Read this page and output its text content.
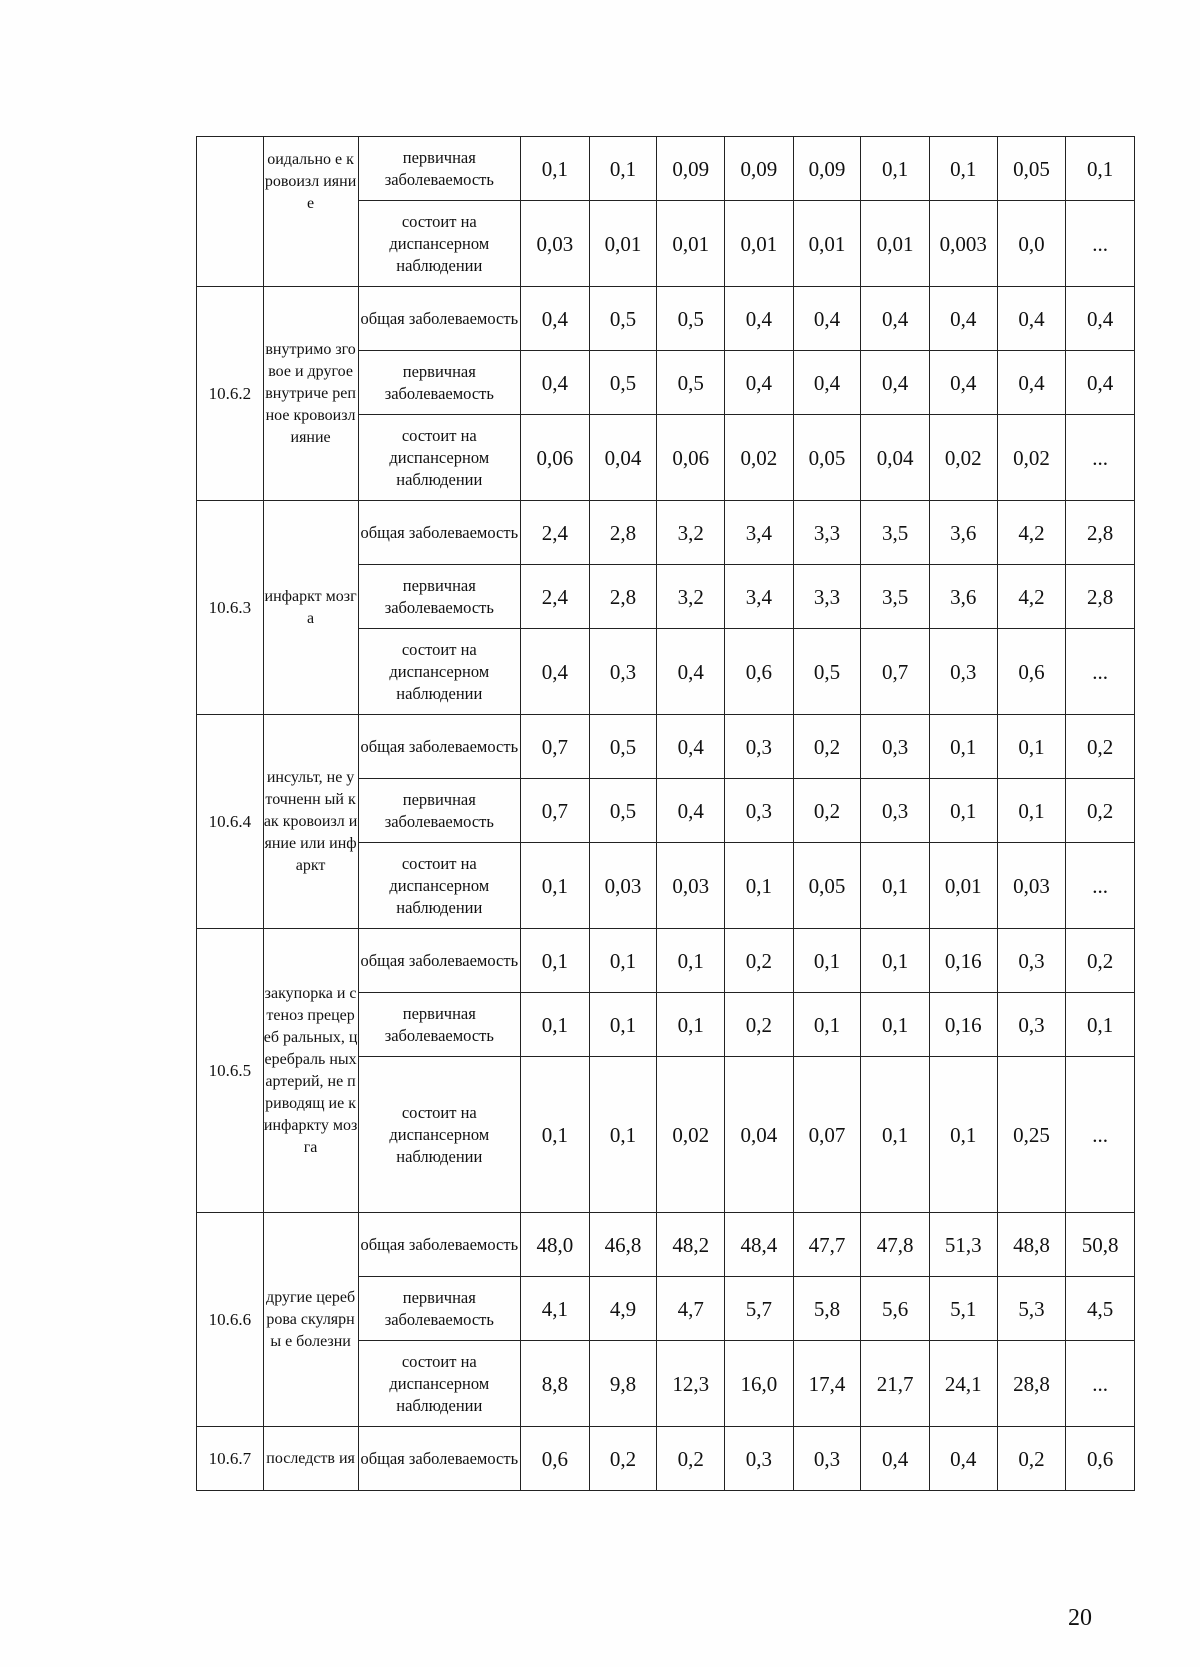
	оидально е кровоизл ияние	первичная заболеваемость	0,1	0,1	0,09	0,09	0,09	0,1	0,1	0,05	0,1
		состоит на диспансерном наблюдении	0,03	0,01	0,01	0,01	0,01	0,01	0,003	0,0	...
10.6.2	внутримо зговое и другое внутриче репное кровоизл ияние	общая заболеваемость	0,4	0,5	0,5	0,4	0,4	0,4	0,4	0,4	0,4
		первичная заболеваемость	0,4	0,5	0,5	0,4	0,4	0,4	0,4	0,4	0,4
		состоит на диспансерном наблюдении	0,06	0,04	0,06	0,02	0,05	0,04	0,02	0,02	...
10.6.3	инфаркт мозга	общая заболеваемость	2,4	2,8	3,2	3,4	3,3	3,5	3,6	4,2	2,8
		первичная заболеваемость	2,4	2,8	3,2	3,4	3,3	3,5	3,6	4,2	2,8
		состоит на диспансерном наблюдении	0,4	0,3	0,4	0,6	0,5	0,7	0,3	0,6	...
10.6.4	инсульт, не уточненн ый как кровоизл ияние или инфаркт	общая заболеваемость	0,7	0,5	0,4	0,3	0,2	0,3	0,1	0,1	0,2
		первичная заболеваемость	0,7	0,5	0,4	0,3	0,2	0,3	0,1	0,1	0,2
		состоит на диспансерном наблюдении	0,1	0,03	0,03	0,1	0,05	0,1	0,01	0,03	...
10.6.5	закупорка и стеноз прецереб ральных, церебраль ных артерий, не приводящ ие к инфаркту мозга	общая заболеваемость	0,1	0,1	0,1	0,2	0,1	0,1	0,16	0,3	0,2
		первичная заболеваемость	0,1	0,1	0,1	0,2	0,1	0,1	0,16	0,3	0,1
		состоит на диспансерном наблюдении	0,1	0,1	0,02	0,04	0,07	0,1	0,1	0,25	...
10.6.6	другие цереброва скулярны е болезни	общая заболеваемость	48,0	46,8	48,2	48,4	47,7	47,8	51,3	48,8	50,8
		первичная заболеваемость	4,1	4,9	4,7	5,7	5,8	5,6	5,1	5,3	4,5
		состоит на диспансерном наблюдении	8,8	9,8	12,3	16,0	17,4	21,7	24,1	28,8	...
10.6.7	последств ия	общая заболеваемость	0,6	0,2	0,2	0,3	0,3	0,4	0,4	0,2	0,6
20
